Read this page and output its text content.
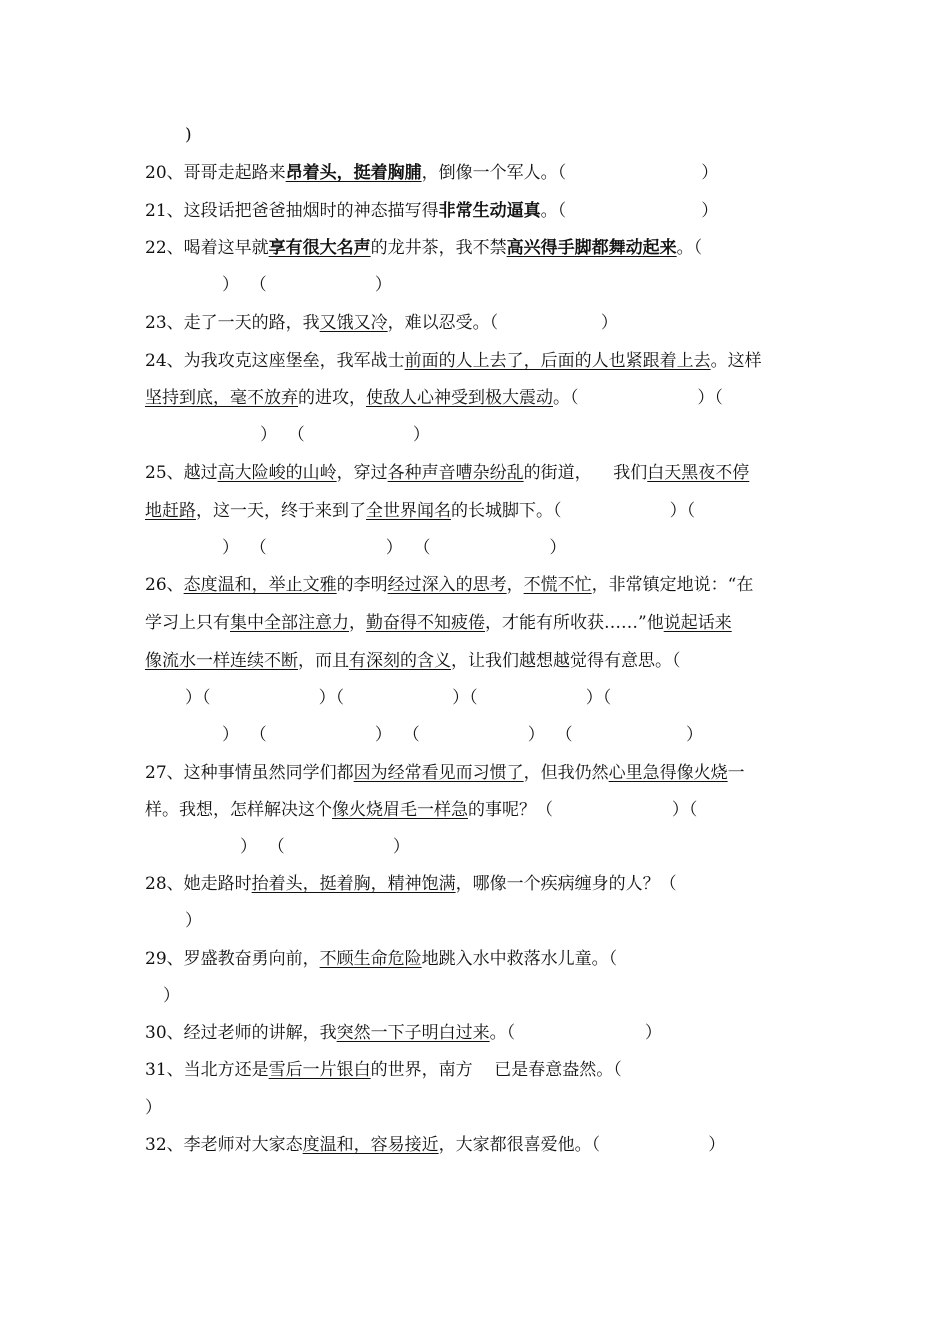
)
20、哥哥走起路来昂着头，挺着胸脯，倒像一个军人。（                         ）
21、这段话把爸爸抽烟时的神态描写得非常生动逼真。（                         ）
22、喝着这早就享有很大名声的龙井茶，我不禁高兴得手脚都舞动起来。（
）  （                    ）
23、走了一天的路，我又饿又冷，难以忍受。（                   ）
24、为我攻克这座堡垒，我军战士前面的人上去了，后面的人也紧跟着上去。这样
坚持到底，毫不放弃的进攻，使敌人心神受到极大震动。（                      ）（
）  （                    ）
25、越过高大险峻的山岭，穿过各种声音嘈杂纷乱的街道，    我们白天黑夜不停
地赶路，这一天，终于来到了全世界闻名的长城脚下。（                    ）（
）  （                      ）  （                      ）
26、态度温和，举止文雅的李明经过深入的思考，不慌不忙，非常镇定地说：“在
学习上只有集中全部注意力，勤奋得不知疲倦，才能有所收获……”他说起话来
像流水一样连续不断，而且有深刻的含义，让我们越想越觉得有意思。（
）（                    ）（                    ）（                    ）（
）  （                    ）  （                    ）  （                     ）
27、这种事情虽然同学们都因为经常看见而习惯了，但我仍然心里急得像火烧一
样。我想，怎样解决这个像火烧眉毛一样急的事呢？（                      ）（
）  （                    ）
28、她走路时抬着头，挺着胸，精神饱满，哪像一个疾病缠身的人？（
）
29、罗盛教奋勇向前，不顾生命危险地跳入水中救落水儿童。（
）
30、经过老师的讲解，我突然一下子明白过来。（                        ）
31、当北方还是雪后一片银白的世界，南方    已是春意盎然。（
）
32、李老师对大家态度温和，容易接近，大家都很喜爱他。（                    ）
